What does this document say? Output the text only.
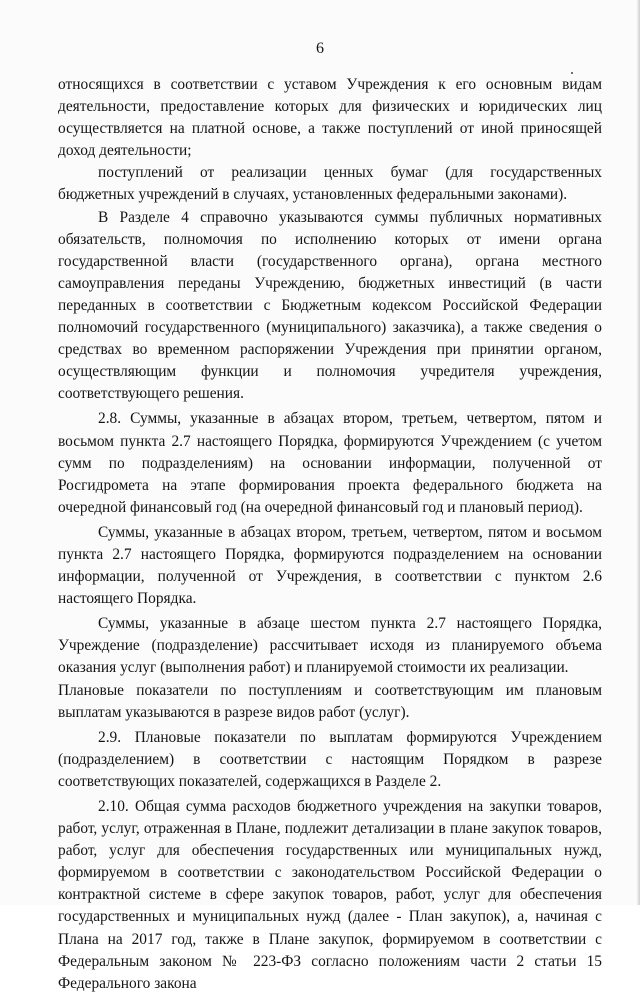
6

относящихся в соответствии с уставом Учреждения к его основным видам деятельности, предоставление которых для физических и юридических лиц осуществляется на платной основе, а также поступлений от иной приносящей доход деятельности;

поступлений от реализации ценных бумаг (для государственных бюджетных учреждений в случаях, установленных федеральными законами).

В Разделе 4 справочно указываются суммы публичных нормативных обязательств, полномочия по исполнению которых от имени органа государственной власти (государственного органа), органа местного самоуправления переданы Учреждению, бюджетных инвестиций (в части переданных в соответствии с Бюджетным кодексом Российской Федерации полномочий государственного (муниципального) заказчика), а также сведения о средствах во временном распоряжении Учреждения при принятии органом, осуществляющим функции и полномочия учредителя учреждения, соответствующего решения.

2.8. Суммы, указанные в абзацах втором, третьем, четвертом, пятом и восьмом пункта 2.7 настоящего Порядка, формируются Учреждением (с учетом сумм по подразделениям) на основании информации, полученной от Росгидромета на этапе формирования проекта федерального бюджета на очередной финансовый год (на очередной финансовый год и плановый период).

Суммы, указанные в абзацах втором, третьем, четвертом, пятом и восьмом пункта 2.7 настоящего Порядка, формируются подразделением на основании информации, полученной от Учреждения, в соответствии с пунктом 2.6 настоящего Порядка.

Суммы, указанные в абзаце шестом пункта 2.7 настоящего Порядка, Учреждение (подразделение) рассчитывает исходя из планируемого объема оказания услуг (выполнения работ) и планируемой стоимости их реализации.

Плановые показатели по поступлениям и соответствующим им плановым выплатам указываются в разрезе видов работ (услуг).

2.9. Плановые показатели по выплатам формируются Учреждением (подразделением) в соответствии с настоящим Порядком в разрезе соответствующих показателей, содержащихся в Разделе 2.

2.10. Общая сумма расходов бюджетного учреждения на закупки товаров, работ, услуг, отраженная в Плане, подлежит детализации в плане закупок товаров, работ, услуг для обеспечения государственных или муниципальных нужд, формируемом в соответствии с законодательством Российской Федерации о контрактной системе в сфере закупок товаров, работ, услуг для обеспечения государственных и муниципальных нужд (далее - План закупок), а, начиная с Плана на 2017 год, также в Плане закупок, формируемом в соответствии с Федеральным законом № 223-ФЗ согласно положениям части 2 статьи 15 Федерального закона
